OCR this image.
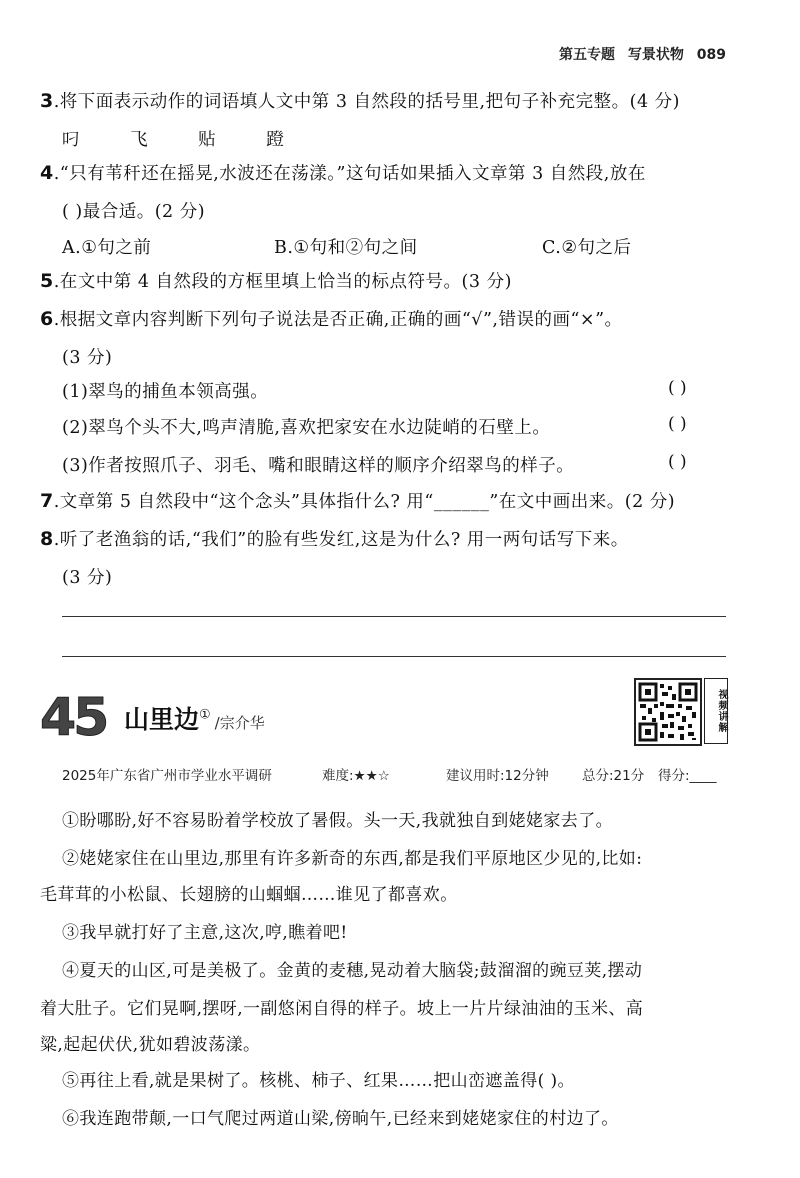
第五专题 写景状物 089
3.将下面表示动作的词语填人文中第 3 自然段的括号里,把句子补充完整。(4 分)
叼	飞	贴	蹬
4.“只有苇秆还在摇晃,水波还在荡漾。”这句话如果插入文章第 3 自然段,放在
( )最合适。(2 分)
A.①句之前	B.①句和②句之间	C.②句之后
5.在文中第 4 自然段的方框里填上恰当的标点符号。(3 分)
6.根据文章内容判断下列句子说法是否正确,正确的画“√”,错误的画“×”。
(3 分)
(1)翠鸟的捕鱼本领高强。	( )
(2)翠鸟个头不大,鸣声清脆,喜欢把家安在水边陡峭的石壁上。	( )
(3)作者按照爪子、羽毛、嘴和眼睛这样的顺序介绍翠鸟的样子。	( )
7.文章第 5 自然段中“这个念头”具体指什么? 用“______”在文中画出来。(2 分)
8.听了老渔翁的话,“我们”的脸有些发红,这是为什么? 用一两句话写下来。
(3 分)
45 山里边① /宗介华	视频讲解
2025年广东省广州市学业水平调研	难度:★★☆	建议用时:12分钟 总分:21分 得分:____
①盼哪盼,好不容易盼着学校放了暑假。头一天,我就独自到姥姥家去了。
②姥姥家住在山里边,那里有许多新奇的东西,都是我们平原地区少见的,比如:
毛茸茸的小松鼠、长翅膀的山蝈蝈……谁见了都喜欢。
③我早就打好了主意,这次,哼,瞧着吧!
④夏天的山区,可是美极了。金黄的麦穗,晃动着大脑袋;鼓溜溜的豌豆荚,摆动
着大肚子。它们晃啊,摆呀,一副悠闲自得的样子。坡上一片片绿油油的玉米、高
粱,起起伏伏,犹如碧波荡漾。
⑤再往上看,就是果树了。核桃、柿子、红果……把山峦遮盖得( )。
⑥我连跑带颠,一口气爬过两道山梁,傍晌午,已经来到姥姥家住的村边了。
